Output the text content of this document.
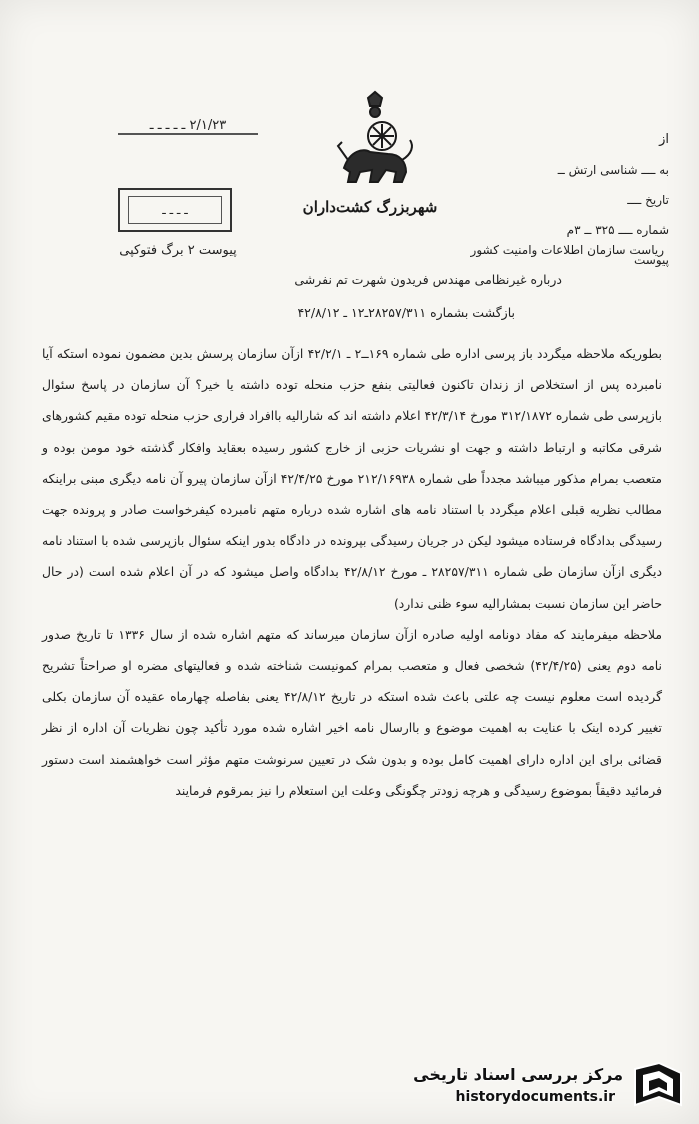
شهربزرگ کشت‌داران
از
به ــــ شناسی ارتش ــ
تاریخ ــــ
شماره ــــ ۳۲۵ ــ ۳م
پیوست
۲/۱/۲۳ ـ ـ ـ ـ ـ
ـ ـ ـ ـ
پیوست ۲ برگ فتوکپی	ریاست سازمان اطلاعات وامنیت کشور
درباره غیرنظامی مهندس فریدون شهرت تم نفرشی
بازگشت بشماره ۲۸۲۵۷/۳۱۱ـ۱۲ ـ ۴۲/۸/۱۲

بطوریکه ملاحظه میگردد باز پرسی اداره طی شماره ۱۶۹ــ۲ ـ ۴۲/۲/۱ ازآن سازمان پرسش بدین مضمون نموده استکه آیا نامبرده پس از استخلاص از زندان تاکنون فعالیتی بنفع حزب منحله توده داشته یا خیر؟ آن سازمان در پاسخ سئوال بازپرسی طی شماره ۳۱۲/۱۸۷۲ مورخ ۴۲/۳/۱۴ اعلام داشته اند که شارالیه باافراد فراری حزب منحله توده مقیم کشورهای شرقی مکاتبه و ارتباط داشته و جهت او نشریات حزبی از خارج کشور رسیده بعقاید وافکار گذشته خود مومن بوده و متعصب بمرام مذکور میباشد مجدداً طی شماره ۲۱۲/۱۶۹۳۸ مورخ ۴۲/۴/۲۵ ازآن سازمان پیرو آن نامه دیگری مبنی براینکه مطالب نظریه قبلی اعلام میگردد با استناد نامه های اشاره شده درباره متهم نامبرده کیفرخواست صادر و پرونده جهت رسیدگی بدادگاه فرستاده میشود لیکن در جریان رسیدگی بپرونده در دادگاه بدور اینکه سئوال بازپرسی شده با استناد نامه دیگری ازآن سازمان طی شماره ۲۸۲۵۷/۳۱۱ ـ مورخ ۴۲/۸/۱۲ بدادگاه واصل میشود که در آن اعلام شده است (در حال حاضر این سازمان نسبت بمشارالیه سوء ظنی ندارد)

ملاحظه میفرمایند که مفاد دونامه اولیه صادره ازآن سازمان میرساند که متهم اشاره شده از سال ۱۳۳۶ تا تاریخ صدور نامه دوم یعنی (۴۲/۴/۲۵) شخصی فعال و متعصب بمرام کمونیست شناخته شده و فعالیتهای مضره او صراحتاً تشریح گردیده است معلوم نیست چه علتی باعث شده استکه در تاریخ ۴۲/۸/۱۲ یعنی بفاصله چهارماه عقیده آن سازمان بکلی تغییر کرده اینک با عنایت به اهمیت موضوع و باارسال نامه اخیر اشاره شده مورد تأکید چون نظریات آن اداره از نظر قضائی برای این اداره دارای اهمیت کامل بوده و بدون شک در تعیین سرنوشت متهم مؤثر است خواهشمند است دستور فرمائید دقیقاً بموضوع رسیدگی و هرچه زودتر چگونگی وعلت این استعلام را نیز بمرقوم فرمایند

مرکز بررسی اسناد تاریخی
historydocuments.ir
